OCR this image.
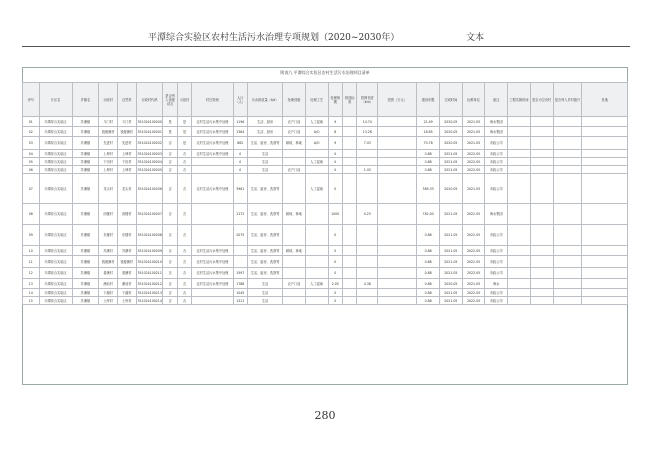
平潭综合实验区农村生活污水治理专项规划（2020~2030年）	文本
附表九 平潭综合实验区农村生活污水治理项目清单
序号	片区名	乡镇名	行政村	自然村	行政村代码	是否列入省级试点	示范村	村庄规划	人口（人）	污水排放量（t/d）	处理设施	处理工艺	处理规模	排放标准	管网长度（km）	投资（万元）	建设年限	完成时间	运维单位	备注	工程实施时间	是否为空壳村	是否列入乡村振兴	其他
01	平潭综合实验区	苏澳镇	斗门村	斗门村	351024100200	是	是	农村生活污水集中处理	1196	生活、厨房	农户门前	人工湿地	9		14.74		21.49	2020.05	2021.05	海水集团				
02	平潭综合实验区	苏澳镇	钱便澳村	钱便澳村	351024100201	是	是	农村生活污水集中处理	1364	生活、厨房	农户门前	A/O	8		13.26		18.65	2020.05	2021.05	海水集团				
03	平潭综合实验区	苏澳镇	先进村	先进村	351024100202	否	是	农村生活污水集中处理	862	生活、厨房、洗涤等	耕地、林地	A/O	9		7.43		70.78	2020.05	2021.05	市政公司				
04	平潭综合实验区	苏澳镇	上坤村	上坤村	351024100203	否	否	农村生活污水集中处理	0	生活			0				0.88	2021.05	2022.05	市政公司				
05	平潭综合实验区	苏澳镇	下田村	下田村	351024100204	否	否		0	生活		人工湿地	0				0.88	2021.05	2022.05	市政公司				
06	平潭综合实验区	苏澳镇	上坤村	上坤村	351024100205	否	否		0	生活	农户门前		0		1.43		0.88	2021.05	2022.05	市政公司				
07	平潭综合实验区	苏澳镇	龙头村	龙头村	351024100206	否	否	农村生活污水集中处理	3961	生活、厨房、洗涤等		人工湿地	0				385.33	2020.05	2021.05	市政公司				
08	平潭综合实验区	苏澳镇	西楼村	西楼村	351024100207	否	否		1172	生活、厨房、洗涤等	耕地、林地		1000		0.23		782.00	2021.05	2022.05	海水集团				
09	平潭综合实验区	苏澳镇	东楼村	东楼村	351024100208	否	否		2075	生活、厨房、洗涤等			0				0.88	2021.05	2022.05	市政公司				
10	平潭综合实验区	苏澳镇	苏澳村	苏澳村	351024100209	否	否	农村生活污水集中处理		生活、厨房、洗涤等	耕地、林地		0				0.88	2021.05	2022.05	市政公司				
11	平潭综合实验区	苏澳镇	钱便澳村	钱便澳村	351024100210	否	否	农村生活污水集中处理		生活、厨房、洗涤等			0				0.88	2021.05	2022.05	市政公司				
12	平潭综合实验区	苏澳镇	看澳村	看澳村	351024100211	否	否	农村生活污水集中处理	1597	生活、厨房、洗涤等			0				0.88	2021.05	2022.05	市政公司				
13	平潭综合实验区	苏澳镇	澳前村	澳前村	351024100212	否	否	农村生活污水集中处理	1788	生活	农户门前	人工湿地	2.05		4.38		0.88	2020.05	2021.05	海水				
14	平潭综合实验区	苏澳镇	下湖村	下湖村	351024100213	否	否		1045	生活			0				0.88	2021.05	2022.05	市政公司				
15	平潭综合实验区	苏澳镇	土库村	土库村	351024100214	否	否		1311	生活			0				0.88	2021.05	2022.05	市政公司				
280
